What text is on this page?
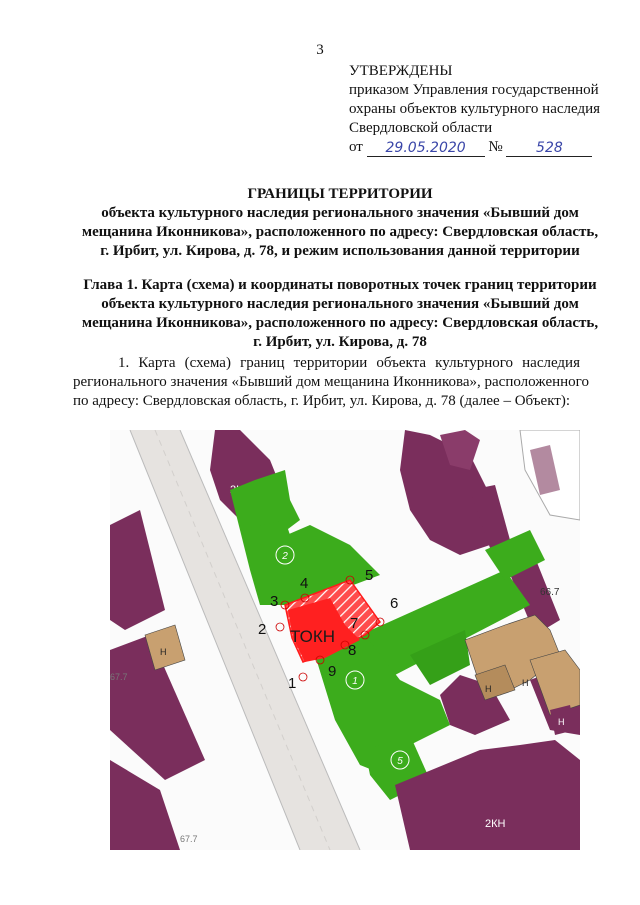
3
УТВЕРЖДЕНЫ
приказом Управления государственной
охраны объектов культурного наследия
Свердловской области
от 29.05.2020 № 528
ГРАНИЦЫ ТЕРРИТОРИИ
объекта культурного наследия регионального значения «Бывший дом
мещанина Иконникова», расположенного по адресу: Свердловская область,
г. Ирбит, ул. Кирова, д. 78, и режим использования данной территории
Глава 1. Карта (схема) и координаты поворотных точек границ территории
объекта культурного наследия регионального значения «Бывший дом
мещанина Иконникова», расположенного по адресу: Свердловская область,
г. Ирбит, ул. Кирова, д. 78
1. Карта (схема) границ территории объекта культурного наследия
регионального значения «Бывший дом мещанина Иконникова», расположенного
по адресу: Свердловская область, г. Ирбит, ул. Кирова, д. 78 (далее – Объект):
2
1
5
Н
Н
Н
Н
2КН
66.7
67.7
67.7
ТОКН
1
2
3
4	5
6
7
8
9
